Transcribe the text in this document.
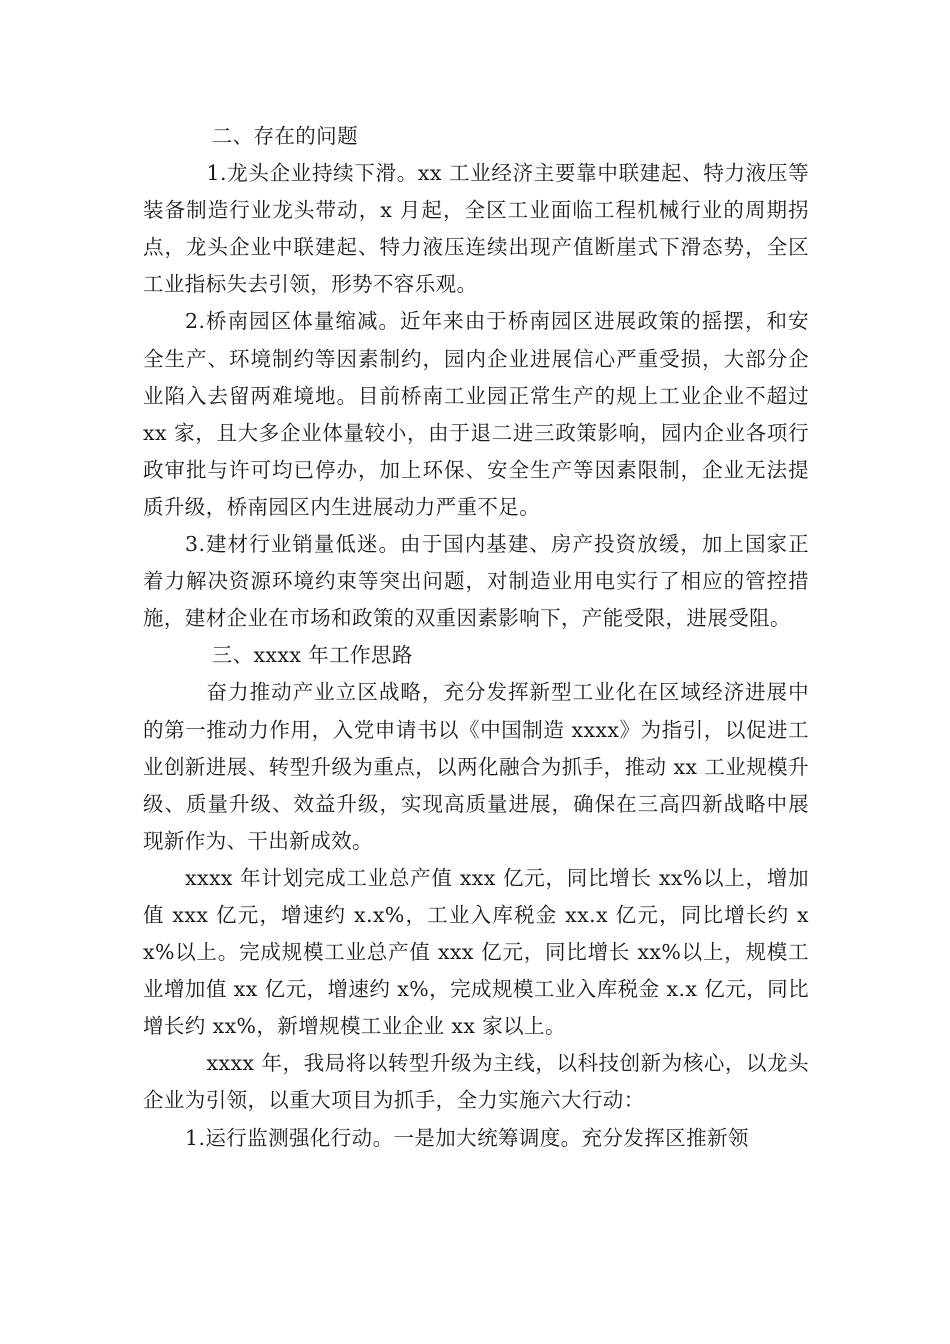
二、存在的问题

1.龙头企业持续下滑。xx 工业经济主要靠中联建起、特力液压等装备制造行业龙头带动，x 月起，全区工业面临工程机械行业的周期拐点，龙头企业中联建起、特力液压连续出现产值断崖式下滑态势，全区工业指标失去引领，形势不容乐观。

2.桥南园区体量缩减。近年来由于桥南园区进展政策的摇摆，和安全生产、环境制约等因素制约，园内企业进展信心严重受损，大部分企业陷入去留两难境地。目前桥南工业园正常生产的规上工业企业不超过 xx 家，且大多企业体量较小，由于退二进三政策影响，园内企业各项行政审批与许可均已停办，加上环保、安全生产等因素限制，企业无法提质升级，桥南园区内生进展动力严重不足。

3.建材行业销量低迷。由于国内基建、房产投资放缓，加上国家正着力解决资源环境约束等突出问题，对制造业用电实行了相应的管控措施，建材企业在市场和政策的双重因素影响下，产能受限，进展受阻。

三、xxxx 年工作思路

奋力推动产业立区战略，充分发挥新型工业化在区域经济进展中的第一推动力作用，入党申请书以《中国制造 xxxx》为指引，以促进工业创新进展、转型升级为重点，以两化融合为抓手，推动 xx 工业规模升级、质量升级、效益升级，实现高质量进展，确保在三高四新战略中展现新作为、干出新成效。

xxxx 年计划完成工业总产值 xxx 亿元，同比增长 xx%以上，增加值 xxx 亿元，增速约 x.x%，工业入库税金 xx.x 亿元，同比增长约 xx%以上。完成规模工业总产值 xxx 亿元，同比增长 xx%以上，规模工业增加值 xx 亿元，增速约 x%，完成规模工业入库税金 x.x 亿元，同比增长约 xx%，新增规模工业企业 xx 家以上。

xxxx 年，我局将以转型升级为主线，以科技创新为核心，以龙头企业为引领，以重大项目为抓手，全力实施六大行动：

1.运行监测强化行动。一是加大统筹调度。充分发挥区推新领
